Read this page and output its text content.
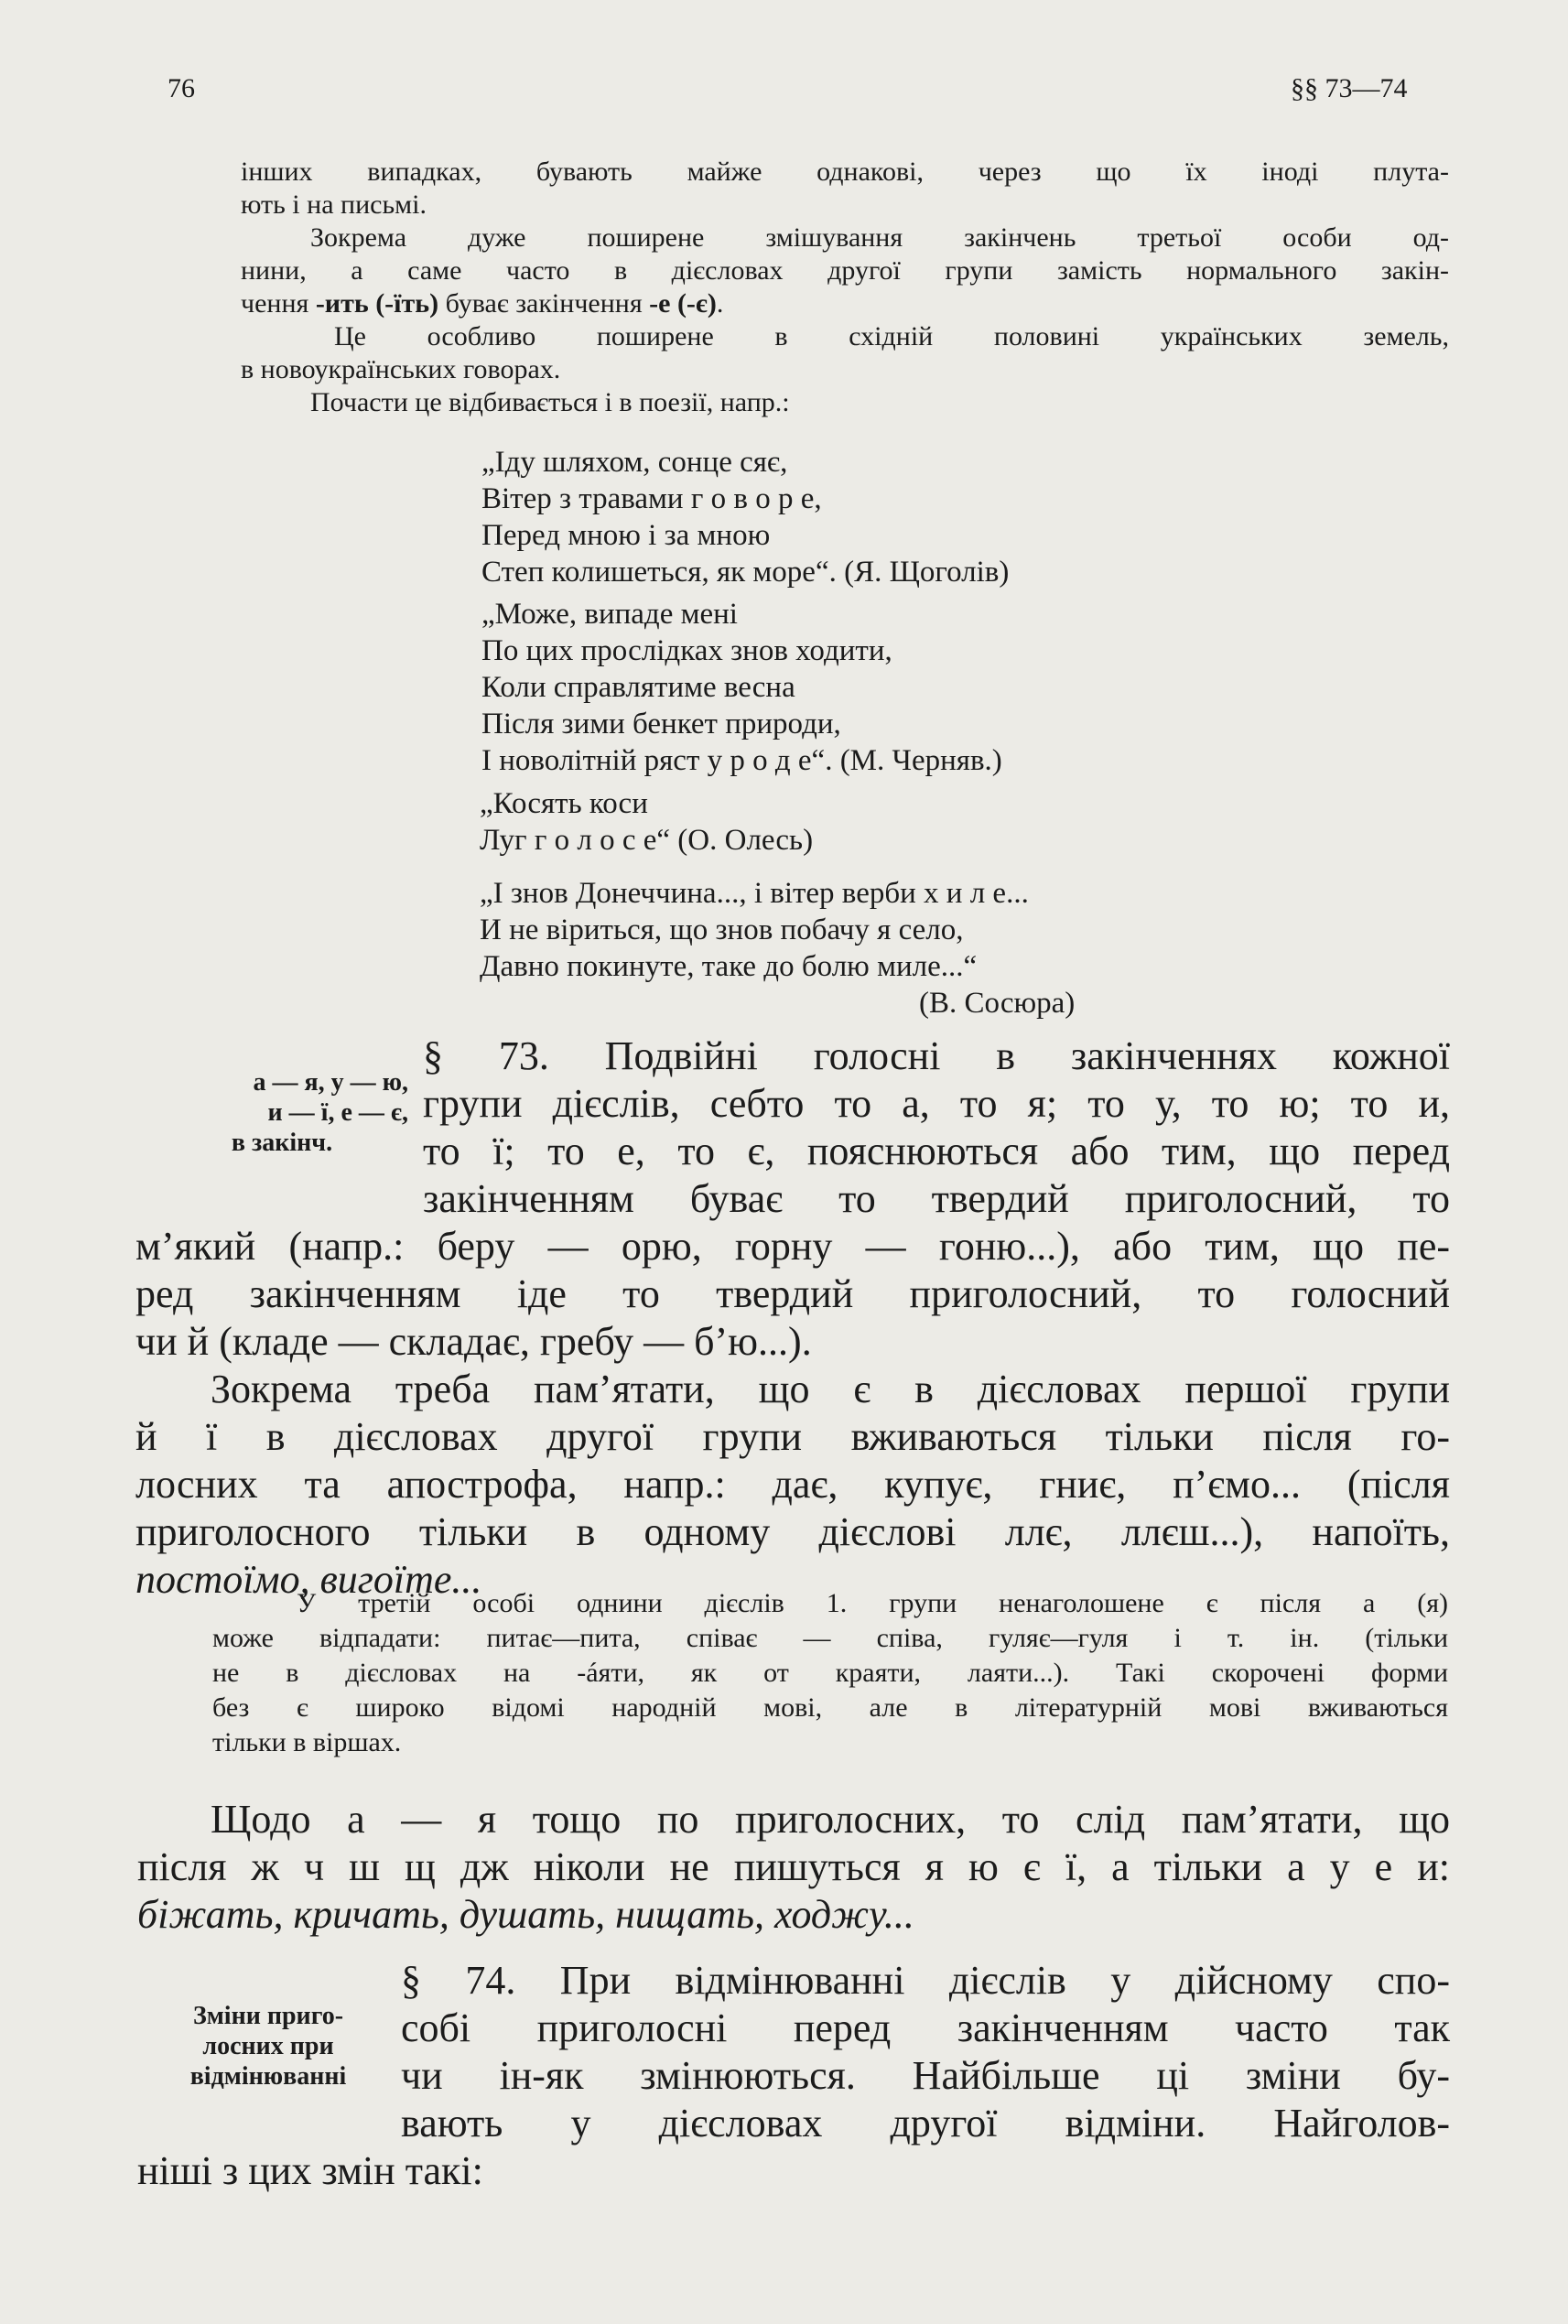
76	§§ 73—74
інших випадках, бувають майже однакові, через що їх іноді плута-
ють і на письмі.
Зокрема дуже поширене змішування закінчень третьої особи од-
нини, а саме часто в дієсловах другої групи замість нормального закін-
чення -ить (-їть) буває закінчення -е (-є).
Це особливо поширене в східній половині українських земель,
в новоукраїнських говорах.
Почасти це відбивається і в поезії, напр.:
„Іду шляхом, сонце сяє,
Вітер з травами г о в о р е,
Перед мною і за мною
Степ колишеться, як море“. (Я. Щоголів)
„Може, випаде мені
По цих прослідках знов ходити,
Коли справлятиме весна
Після зими бенкет природи,
І новолітній ряст у р о д е“. (М. Черняв.)
„Косять коси
Луг г о л о с е“ (О. Олесь)
„І знов Донеччина..., і вітер верби х и л е...
И не віриться, що знов побачу я село,
Давно покинуте, таке до болю миле...“
(В. Сосюра)
а — я, у — ю,
и — ї, е — є,
в закінч.
§ 73. Подвійні голосні в закінченнях кожної
групи дієслів, себто то а, то я; то у, то ю; то и,
то ї; то е, то є, пояснюються або тим, що перед
закінченням буває то твердий приголосний, то
м’який (напр.: беру — орю, горну — гоню...), або тим, що пе-
ред закінченням іде то твердий приголосний, то голосний
чи й (кладе — складає, гребу — б’ю...).
Зокрема треба пам’ятати, що є в дієсловах першої групи
й ї в дієсловах другої групи вживаються тільки після го-
лосних та апострофа, напр.: дає, купує, гниє, п’ємо... (після
приголосного тільки в одному дієслові ллє, ллєш...), напоїть,
постоїмо, вигоїте...
У третій особі однини дієслів 1. групи ненаголошене є після а (я)
може відпадати: питає—пита, співає — співа, гуляє—гуля і т. ін. (тільки
не в дієсловах на -áяти, як от краяти, лаяти...). Такі скорочені форми
без є широко відомі народній мові, але в літературній мові вживаються
тільки в віршах.
Щодо а — я тощо по приголосних, то слід пам’ятати, що
після ж ч ш щ дж ніколи не пишуться я ю є ї, а тільки а у е и:
біжать, кричать, душать, нищать, ходжу...
Зміни приго-
лосних при
відмінюванні
§ 74. При відмінюванні дієслів у дійсному спо-
собі приголосні перед закінченням часто так
чи ін-як змінюються. Найбільше ці зміни бу-
вають у дієсловах другої відміни. Найголов-
ніші з цих змін такі:
